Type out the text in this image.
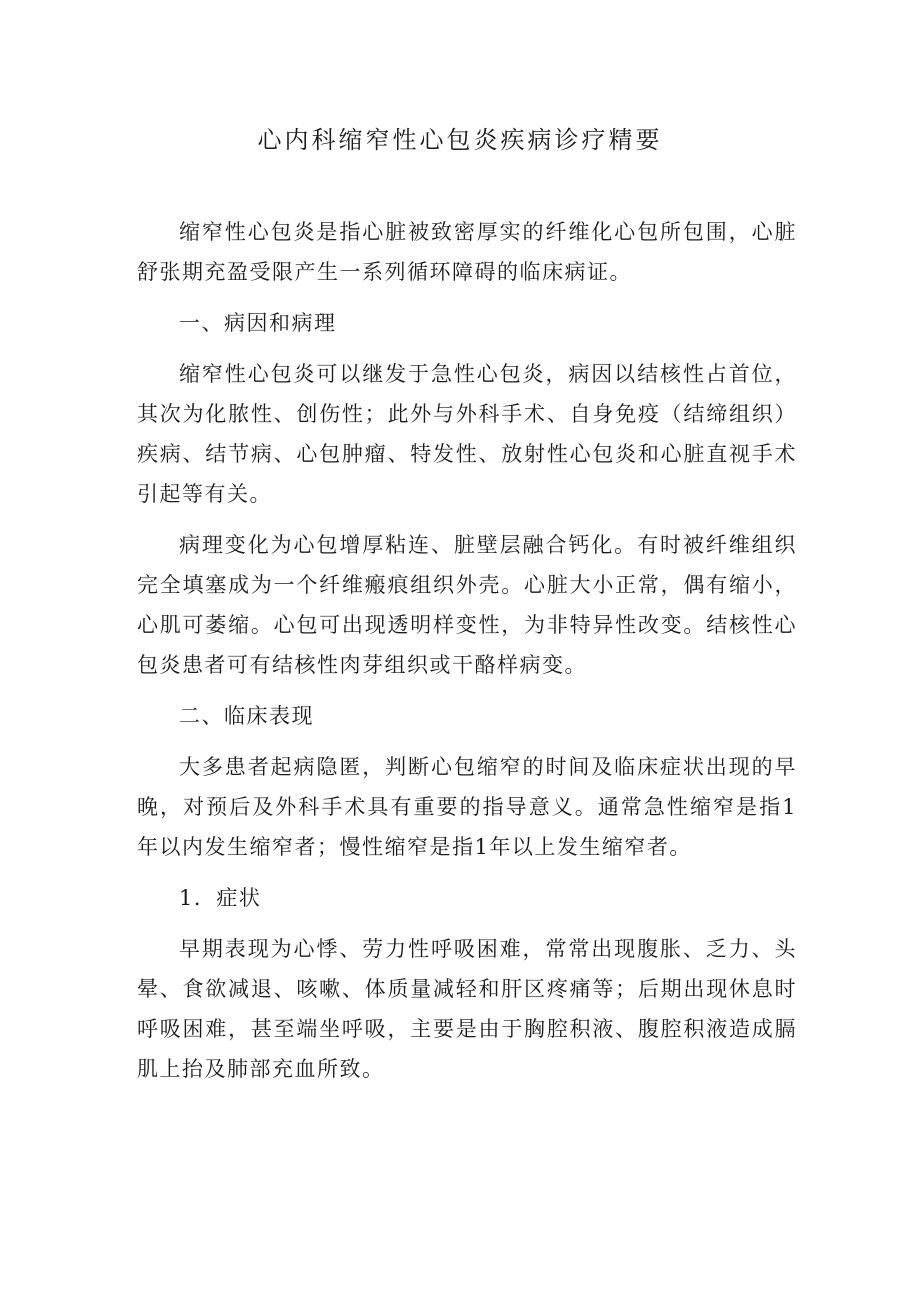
心内科缩窄性心包炎疾病诊疗精要

缩窄性心包炎是指心脏被致密厚实的纤维化心包所包围，心脏舒张期充盈受限产生一系列循环障碍的临床病证。

一、病因和病理

缩窄性心包炎可以继发于急性心包炎，病因以结核性占首位，其次为化脓性、创伤性；此外与外科手术、自身免疫（结缔组织）疾病、结节病、心包肿瘤、特发性、放射性心包炎和心脏直视手术引起等有关。

病理变化为心包增厚粘连、脏壁层融合钙化。有时被纤维组织完全填塞成为一个纤维瘢痕组织外壳。心脏大小正常，偶有缩小，心肌可萎缩。心包可出现透明样变性，为非特异性改变。结核性心包炎患者可有结核性肉芽组织或干酪样病变。

二、临床表现

大多患者起病隐匿，判断心包缩窄的时间及临床症状出现的早晚，对预后及外科手术具有重要的指导意义。通常急性缩窄是指1年以内发生缩窄者；慢性缩窄是指1年以上发生缩窄者。

1．症状

早期表现为心悸、劳力性呼吸困难，常常出现腹胀、乏力、头晕、食欲减退、咳嗽、体质量减轻和肝区疼痛等；后期出现休息时呼吸困难，甚至端坐呼吸，主要是由于胸腔积液、腹腔积液造成膈肌上抬及肺部充血所致。
